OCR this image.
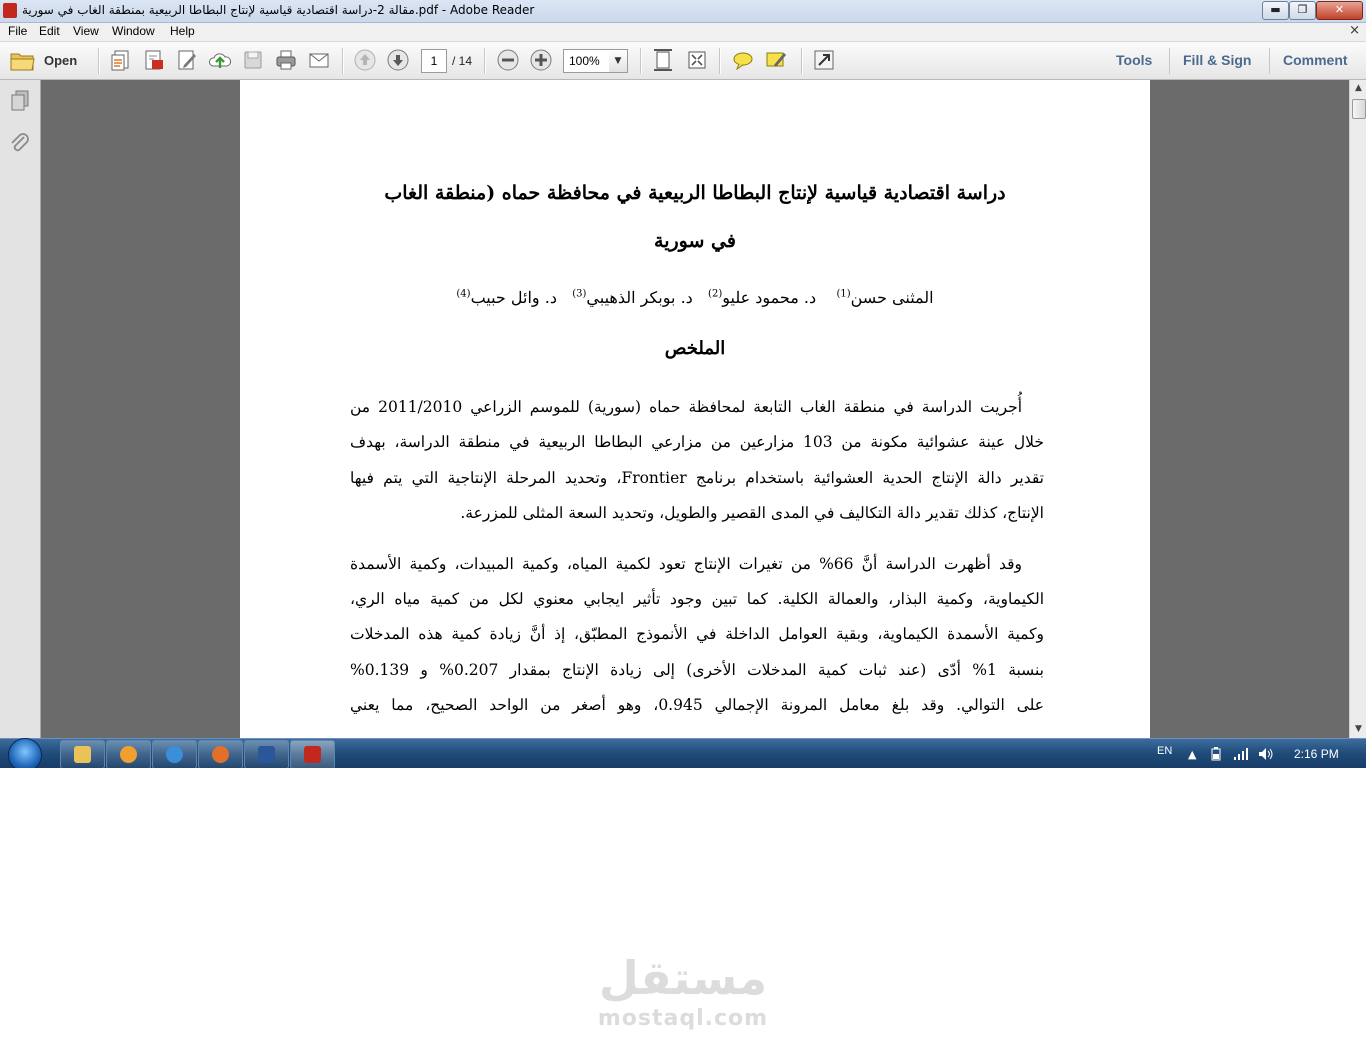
مقالة 2-دراسة اقتصادية قياسية لإنتاج البطاطا الربيعية بمنطقة الغاب في سورية.pdf - Adobe Reader	▬	❐	✕
File Edit View Window Help	×
Open	1	/ 14	100%	▼	Tools Fill & Sign Comment
دراسة اقتصادية قياسية لإنتاج البطاطا الربيعية في محافظة حماه (منطقة الغاب
في سورية
المثنى حسن$^{(1)}$    د. محمود عليو$^{(2)}$   د. بوبكر الذهيبي$^{(3)}$   د. وائل حبيب$^{(4)}$
الملخص
أُجريت الدراسة في منطقة الغاب التابعة لمحافظة حماه (سورية) للموسم الزراعي 2011/2010 من
خلال عينة عشوائية مكونة من 103 مزارعين من مزارعي البطاطا الربيعية في منطقة الدراسة، بهدف
تقدير دالة الإنتاج الحدية العشوائية باستخدام برنامج Frontier، وتحديد المرحلة الإنتاجية التي يتم فيها
الإنتاج، كذلك تقدير دالة التكاليف في المدى القصير والطويل، وتحديد السعة المثلى للمزرعة.
وقد أظهرت الدراسة أنَّ 66% من تغيرات الإنتاج تعود لكمية المياه، وكمية المبيدات، وكمية الأسمدة
الكيماوية، وكمية البذار، والعمالة الكلية. كما تبين وجود تأثير ايجابي معنوي لكل من كمية مياه الري،
وكمية الأسمدة الكيماوية، وبقية العوامل الداخلة في الأنموذج المطبّق، إذ أنَّ زيادة كمية هذه المدخلات
بنسبة 1% أدّى (عند ثبات كمية المدخلات الأخرى) إلى زيادة الإنتاج بمقدار 0.207% و 0.139%
على التوالي. وقد بلغ معامل المرونة الإجمالي 0.945، وهو أصغر من الواحد الصحيح، مما يعني
▲
▼
EN ▲	2:16 PM
مستقل
mostaql.com
